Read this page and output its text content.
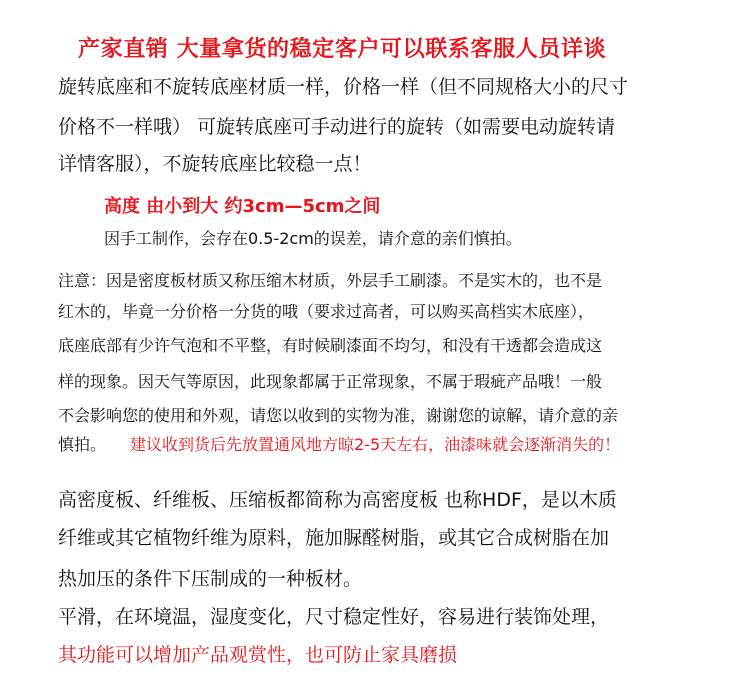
产家直销 大量拿货的稳定客户可以联系客服人员详谈
旋转底座和不旋转底座材质一样，价格一样（但不同规格大小的尺寸
价格不一样哦） 可旋转底座可手动进行的旋转（如需要电动旋转请
详情客服），不旋转底座比较稳一点！
高度 由小到大 约3cm—5cm之间
因手工制作，会存在0.5-2cm的误差，请介意的亲们慎拍。
注意：因是密度板材质又称压缩木材质，外层手工刷漆。不是实木的，也不是
红木的，毕竟一分价格一分货的哦（要求过高者，可以购买高档实木底座），
底座底部有少许气泡和不平整，有时候刷漆面不均匀，和没有干透都会造成这
样的现象。因天气等原因，此现象都属于正常现象，不属于瑕疵产品哦！一般
不会影响您的使用和外观，请您以收到的实物为准，谢谢您的谅解，请介意的亲
慎拍。 建议收到货后先放置通风地方晾2-5天左右，油漆味就会逐渐消失的！
高密度板、纤维板、压缩板都简称为高密度板 也称HDF，是以木质
纤维或其它植物纤维为原料，施加脲醛树脂，或其它合成树脂在加
热加压的条件下压制成的一种板材。
平滑，在环境温，湿度变化，尺寸稳定性好，容易进行装饰处理，
其功能可以增加产品观赏性，也可防止家具磨损
